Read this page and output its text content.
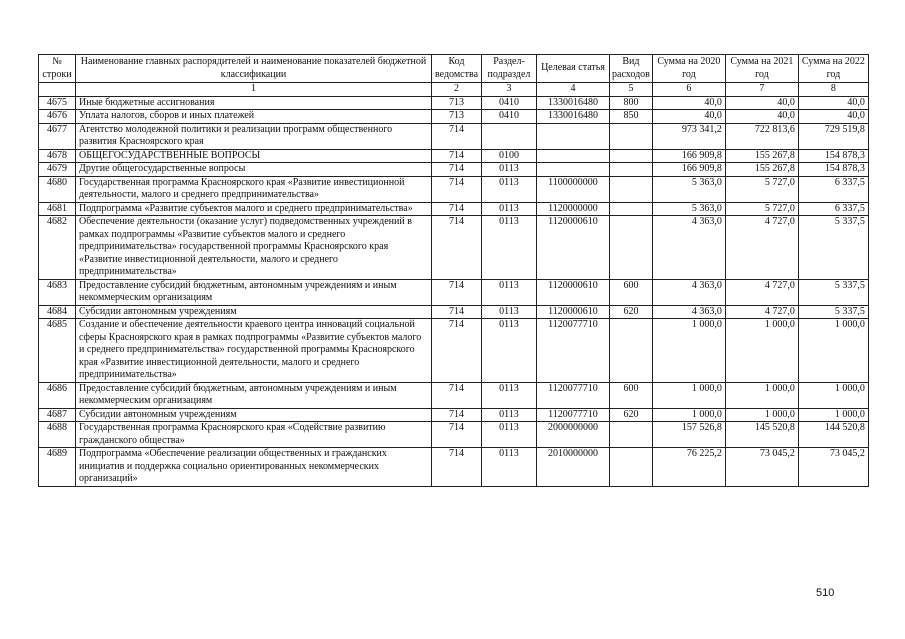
№ строки	Наименование главных распорядителей и наименование показателей бюджетной классификации	Код ведомства	Раздел-подраздел	Целевая статья	Вид расходов	Сумма на 2020 год	Сумма на 2021 год	Сумма на 2022 год
	1	2	3	4	5	6	7	8
4675	Иные бюджетные ассигнования	713	0410	1330016480	800	40,0	40,0	40,0
4676	Уплата налогов, сборов и иных платежей	713	0410	1330016480	850	40,0	40,0	40,0
4677	Агентство молодежной политики и реализации программ общественного развития Красноярского края	714				973 341,2	722 813,6	729 519,8
4678	ОБЩЕГОСУДАРСТВЕННЫЕ ВОПРОСЫ	714	0100			166 909,8	155 267,8	154 878,3
4679	Другие общегосударственные вопросы	714	0113			166 909,8	155 267,8	154 878,3
4680	Государственная программа Красноярского края «Развитие инвестиционной деятельности, малого и среднего предпринимательства»	714	0113	1100000000		5 363,0	5 727,0	6 337,5
4681	Подпрограмма «Развитие субъектов малого и среднего предпринимательства»	714	0113	1120000000		5 363,0	5 727,0	6 337,5
4682	Обеспечение деятельности (оказание услуг) подведомственных учреждений в рамках подпрограммы «Развитие субъектов малого и среднего предпринимательства» государственной программы Красноярского края «Развитие инвестиционной деятельности, малого и среднего предпринимательства»	714	0113	1120000610		4 363,0	4 727,0	5 337,5
4683	Предоставление субсидий бюджетным, автономным учреждениям и иным некоммерческим организациям	714	0113	1120000610	600	4 363,0	4 727,0	5 337,5
4684	Субсидии автономным учреждениям	714	0113	1120000610	620	4 363,0	4 727,0	5 337,5
4685	Создание и обеспечение деятельности краевого центра инноваций социальной сферы Красноярского края в рамках подпрограммы «Развитие субъектов малого и среднего предпринимательства» государственной программы Красноярского края «Развитие инвестиционной деятельности, малого и среднего предпринимательства»	714	0113	1120077710		1 000,0	1 000,0	1 000,0
4686	Предоставление субсидий бюджетным, автономным учреждениям и иным некоммерческим организациям	714	0113	1120077710	600	1 000,0	1 000,0	1 000,0
4687	Субсидии автономным учреждениям	714	0113	1120077710	620	1 000,0	1 000,0	1 000,0
4688	Государственная программа Красноярского края «Содействие развитию гражданского общества»	714	0113	2000000000		157 526,8	145 520,8	144 520,8
4689	Подпрограмма «Обеспечение реализации общественных и гражданских инициатив и поддержка социально ориентированных некоммерческих организаций»	714	0113	2010000000		76 225,2	73 045,2	73 045,2
510
